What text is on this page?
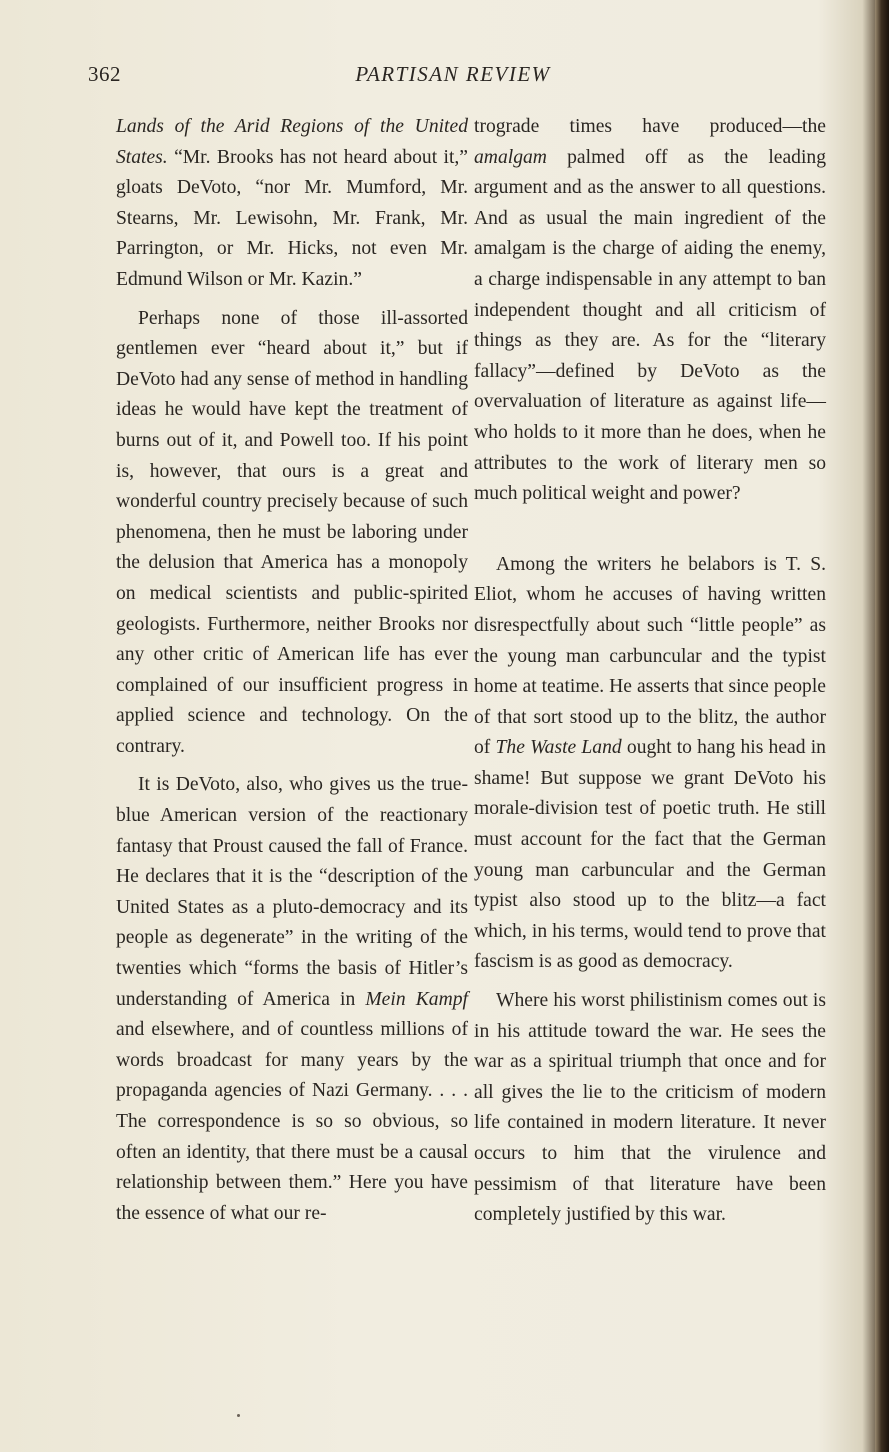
362	PARTISAN REVIEW

Lands of the Arid Regions of the United States. “Mr. Brooks has not heard about it,” gloats DeVoto, “nor Mr. Mumford, Mr. Stearns, Mr. Lewisohn, Mr. Frank, Mr. Parrington, or Mr. Hicks, not even Mr. Edmund Wilson or Mr. Kazin.”

Perhaps none of those ill-assorted gentlemen ever “heard about it,” but if DeVoto had any sense of method in handling ideas he would have kept the treatment of burns out of it, and Powell too. If his point is, however, that ours is a great and wonderful country precisely because of such phenomena, then he must be laboring under the delusion that America has a monopoly on medical scientists and public-spirited geologists. Furthermore, neither Brooks nor any other critic of American life has ever complained of our insufficient progress in applied science and technology. On the contrary.

It is DeVoto, also, who gives us the true-blue American version of the reactionary fantasy that Proust caused the fall of France. He declares that it is the “description of the United States as a pluto-democracy and its people as degenerate” in the writing of the twenties which “forms the basis of Hitler’s understanding of America in Mein Kampf and elsewhere, and of countless millions of words broadcast for many years by the propaganda agencies of Nazi Germany. . . . The correspondence is so so obvious, so often an identity, that there must be a causal relationship between them.” Here you have the essence of what our re-

trograde times have produced—the amalgam palmed off as the leading argument and as the answer to all questions. And as usual the main ingredient of the amalgam is the charge of aiding the enemy, a charge indispensable in any attempt to ban independent thought and all criticism of things as they are. As for the “literary fallacy”—defined by DeVoto as the overvaluation of literature as against life—who holds to it more than he does, when he attributes to the work of literary men so much political weight and power?

Among the writers he belabors is T. S. Eliot, whom he accuses of having written disrespectfully about such “little people” as the young man carbuncular and the typist home at teatime. He asserts that since people of that sort stood up to the blitz, the author of The Waste Land ought to hang his head in shame! But suppose we grant DeVoto his morale-division test of poetic truth. He still must account for the fact that the German young man carbuncular and the German typist also stood up to the blitz—a fact which, in his terms, would tend to prove that fascism is as good as democracy.

Where his worst philistinism comes out is in his attitude toward the war. He sees the war as a spiritual triumph that once and for all gives the lie to the criticism of modern life contained in modern literature. It never occurs to him that the virulence and pessimism of that literature have been completely justified by this war.
